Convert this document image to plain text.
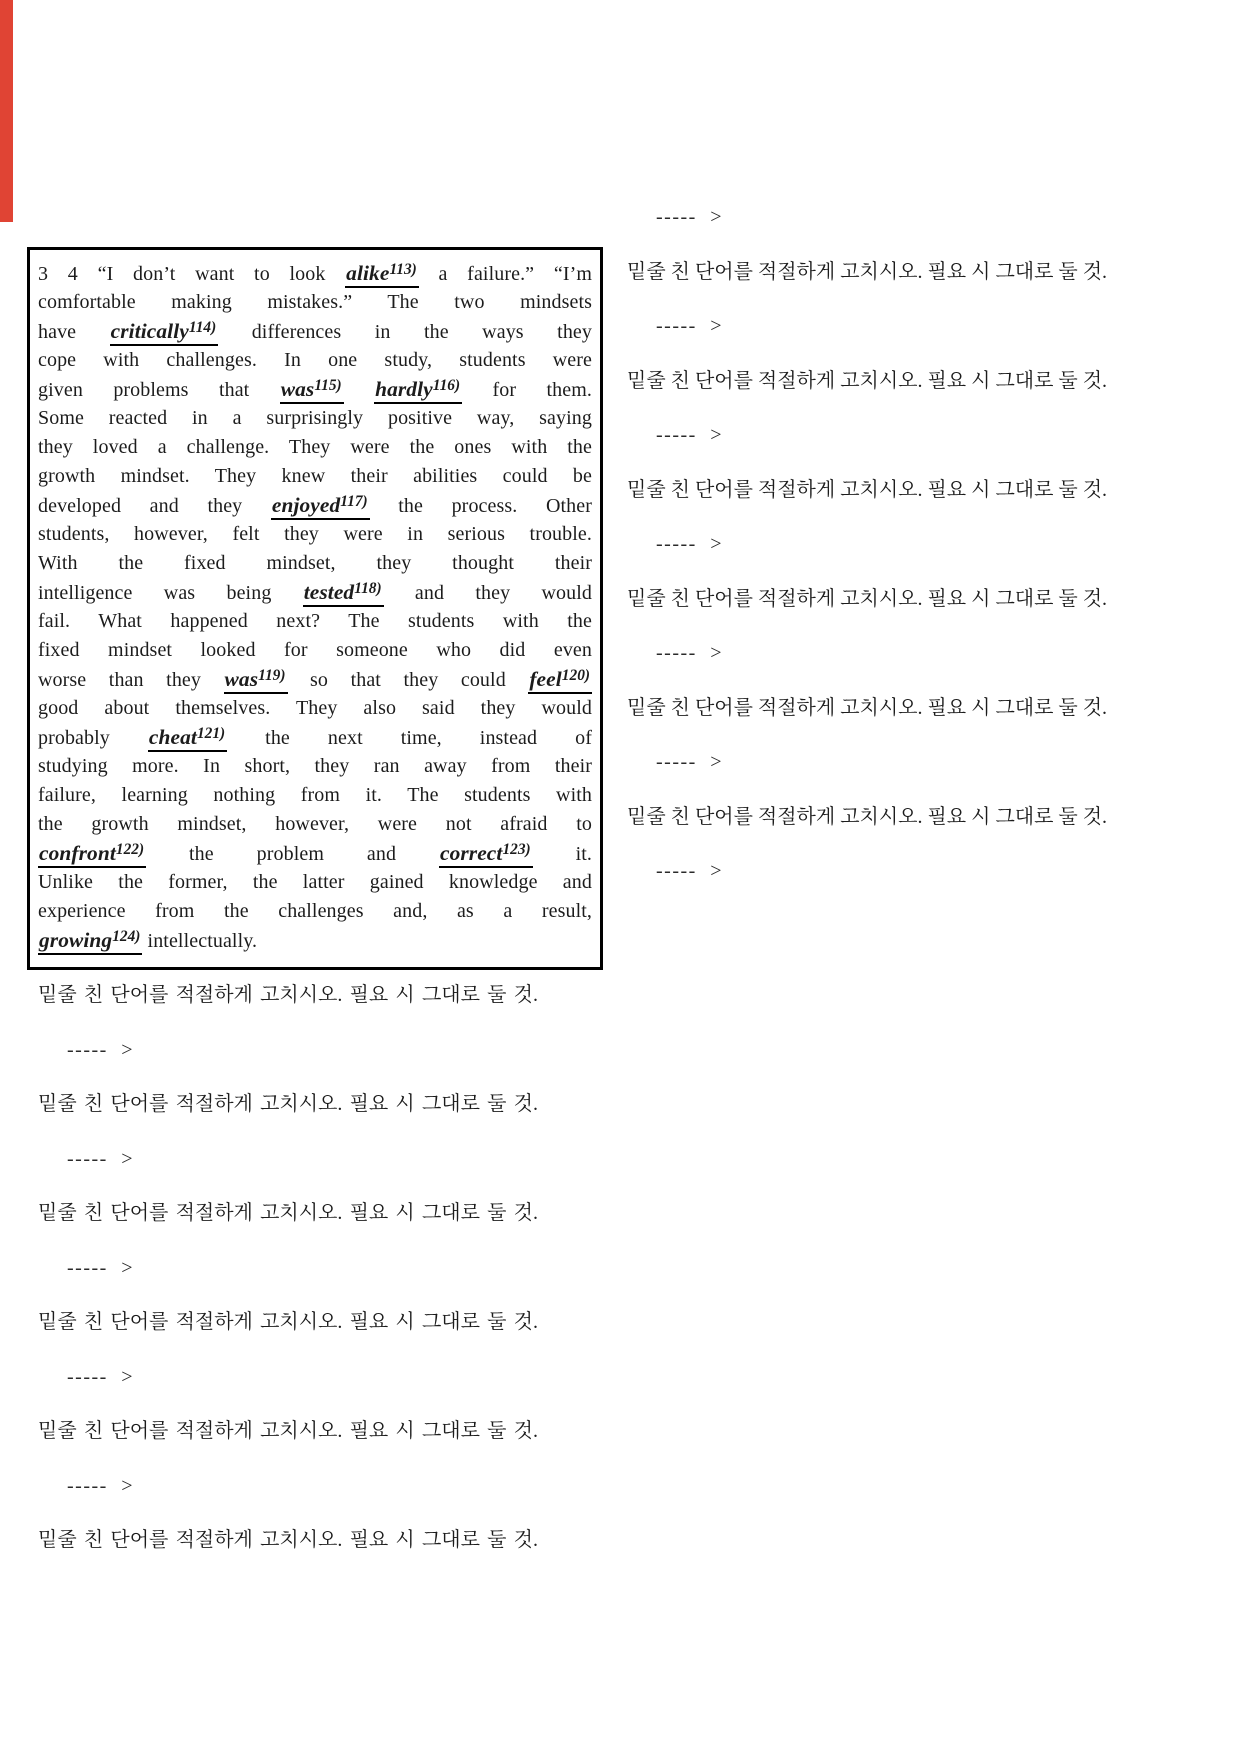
3 4 “I don’t want to look alike$^{113)}$ a failure.” “I’m
comfortable making mistakes.” The two mindsets
have critically$^{114)}$ differences in the ways they
cope with challenges. In one study, students were
given problems that was$^{115)}$ hardly$^{116)}$ for them.
Some reacted in a surprisingly positive way, saying
they loved a challenge. They were the ones with the
growth mindset. They knew their abilities could be
developed and they enjoyed$^{117)}$ the process. Other
students, however, felt they were in serious trouble.
With the fixed mindset, they thought their
intelligence was being tested$^{118)}$ and they would
fail. What happened next? The students with the
fixed mindset looked for someone who did even
worse than they was$^{119)}$ so that they could feel$^{120)}$
good about themselves. They also said they would
probably cheat$^{121)}$ the next time, instead of
studying more. In short, they ran away from their
failure, learning nothing from it. The students with
the growth mindset, however, were not afraid to
confront$^{122)}$ the problem and correct$^{123)}$ it.
Unlike the former, the latter gained knowledge and
experience from the challenges and, as a result,
growing$^{124)}$ intellectually.
밑줄 친 단어를 적절하게 고치시오. 필요 시 그대로 둘 것.
----- >
밑줄 친 단어를 적절하게 고치시오. 필요 시 그대로 둘 것.
----- >
밑줄 친 단어를 적절하게 고치시오. 필요 시 그대로 둘 것.
----- >
밑줄 친 단어를 적절하게 고치시오. 필요 시 그대로 둘 것.
----- >
밑줄 친 단어를 적절하게 고치시오. 필요 시 그대로 둘 것.
----- >
밑줄 친 단어를 적절하게 고치시오. 필요 시 그대로 둘 것.
----- >
밑줄 친 단어를 적절하게 고치시오. 필요 시 그대로 둘 것.
----- >
밑줄 친 단어를 적절하게 고치시오. 필요 시 그대로 둘 것.
----- >
밑줄 친 단어를 적절하게 고치시오. 필요 시 그대로 둘 것.
----- >
밑줄 친 단어를 적절하게 고치시오. 필요 시 그대로 둘 것.
----- >
밑줄 친 단어를 적절하게 고치시오. 필요 시 그대로 둘 것.
----- >
밑줄 친 단어를 적절하게 고치시오. 필요 시 그대로 둘 것.
----- >
